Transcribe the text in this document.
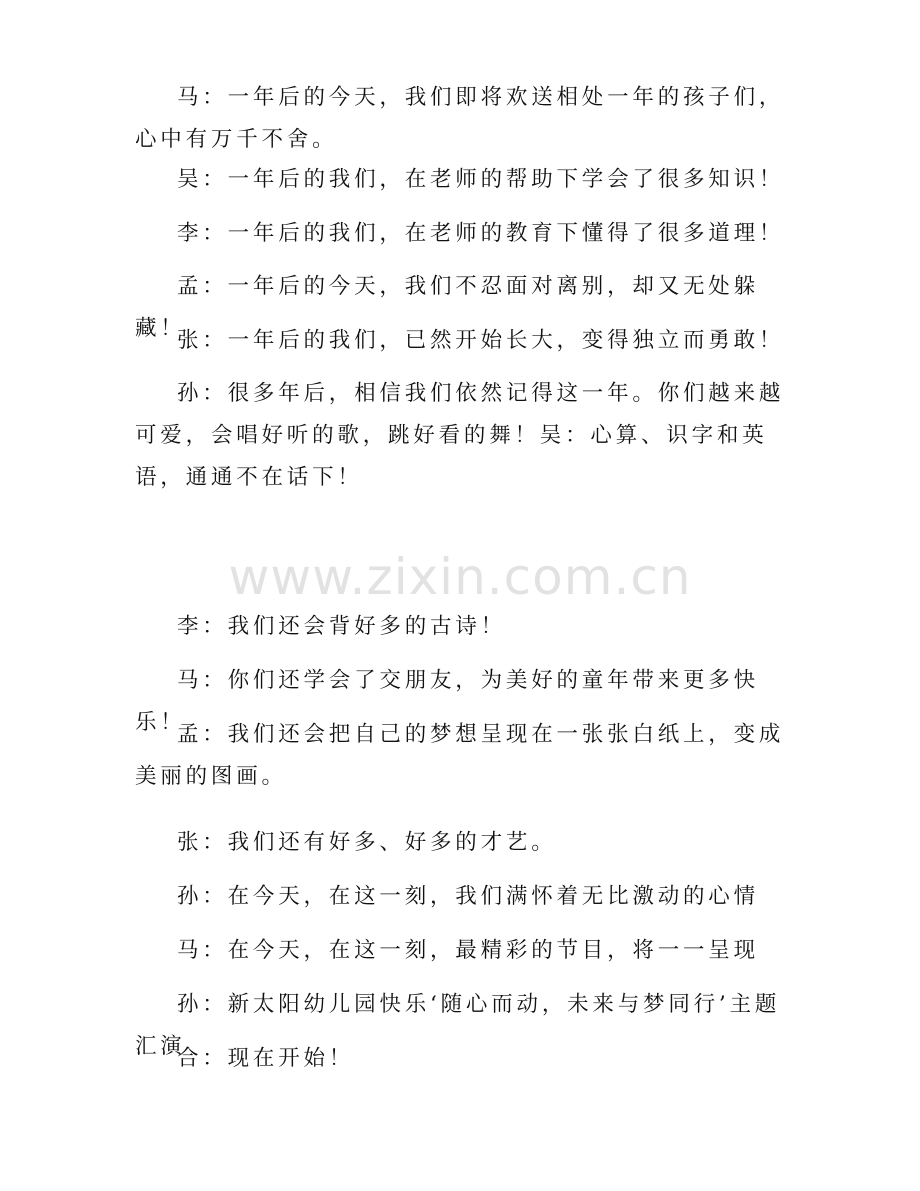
马：一年后的今天，我们即将欢送相处一年的孩子们，心中有万千不舍。

吴：一年后的我们，在老师的帮助下学会了很多知识！

李：一年后的我们，在老师的教育下懂得了很多道理！

孟：一年后的今天，我们不忍面对离别，却又无处躲藏！

张：一年后的我们，已然开始长大，变得独立而勇敢！

孙：很多年后，相信我们依然记得这一年。你们越来越可爱，会唱好听的歌，跳好看的舞！吴：心算、识字和英语，通通不在话下！

李：我们还会背好多的古诗！

马：你们还学会了交朋友，为美好的童年带来更多快乐！

孟：我们还会把自己的梦想呈现在一张张白纸上，变成美丽的图画。

张：我们还有好多、好多的才艺。

孙：在今天，在这一刻，我们满怀着无比激动的心情

马：在今天，在这一刻，最精彩的节目，将一一呈现

孙：新太阳幼儿园快乐‘随心而动，未来与梦同行’主题汇演

合：现在开始！

www.zixin.com.cn
